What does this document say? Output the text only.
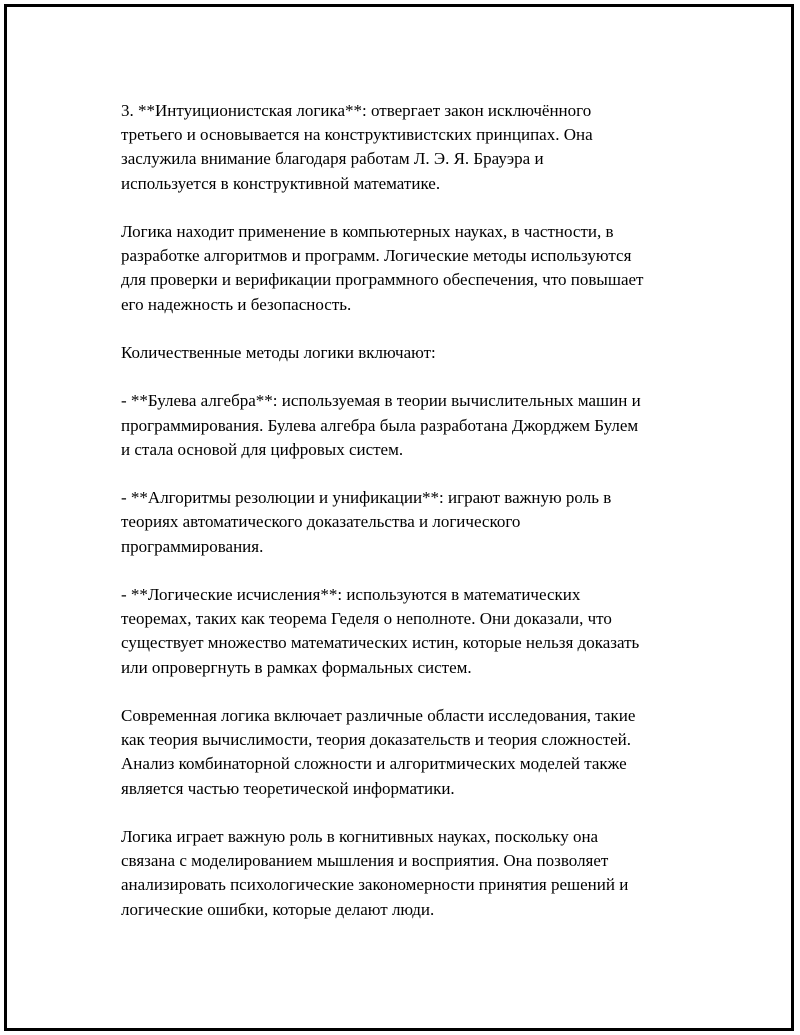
3. **Интуиционистская логика**: отвергает закон исключённого
третьего и основывается на конструктивистских принципах. Она
заслужила внимание благодаря работам Л. Э. Я. Брауэра и
используется в конструктивной математике.

Логика находит применение в компьютерных науках, в частности, в
разработке алгоритмов и программ. Логические методы используются
для проверки и верификации программного обеспечения, что повышает
его надежность и безопасность.

Количественные методы логики включают:

- **Булева алгебра**: используемая в теории вычислительных машин и
программирования. Булева алгебра была разработана Джорджем Булем
и стала основой для цифровых систем.

- **Алгоритмы резолюции и унификации**: играют важную роль в
теориях автоматического доказательства и логического
программирования.

- **Логические исчисления**: используются в математических
теоремах, таких как теорема Геделя о неполноте. Они доказали, что
существует множество математических истин, которые нельзя доказать
или опровергнуть в рамках формальных систем.

Современная логика включает различные области исследования, такие
как теория вычислимости, теория доказательств и теория сложностей.
Анализ комбинаторной сложности и алгоритмических моделей также
является частью теоретической информатики.

Логика играет важную роль в когнитивных науках, поскольку она
связана с моделированием мышления и восприятия. Она позволяет
анализировать психологические закономерности принятия решений и
логические ошибки, которые делают люди.
